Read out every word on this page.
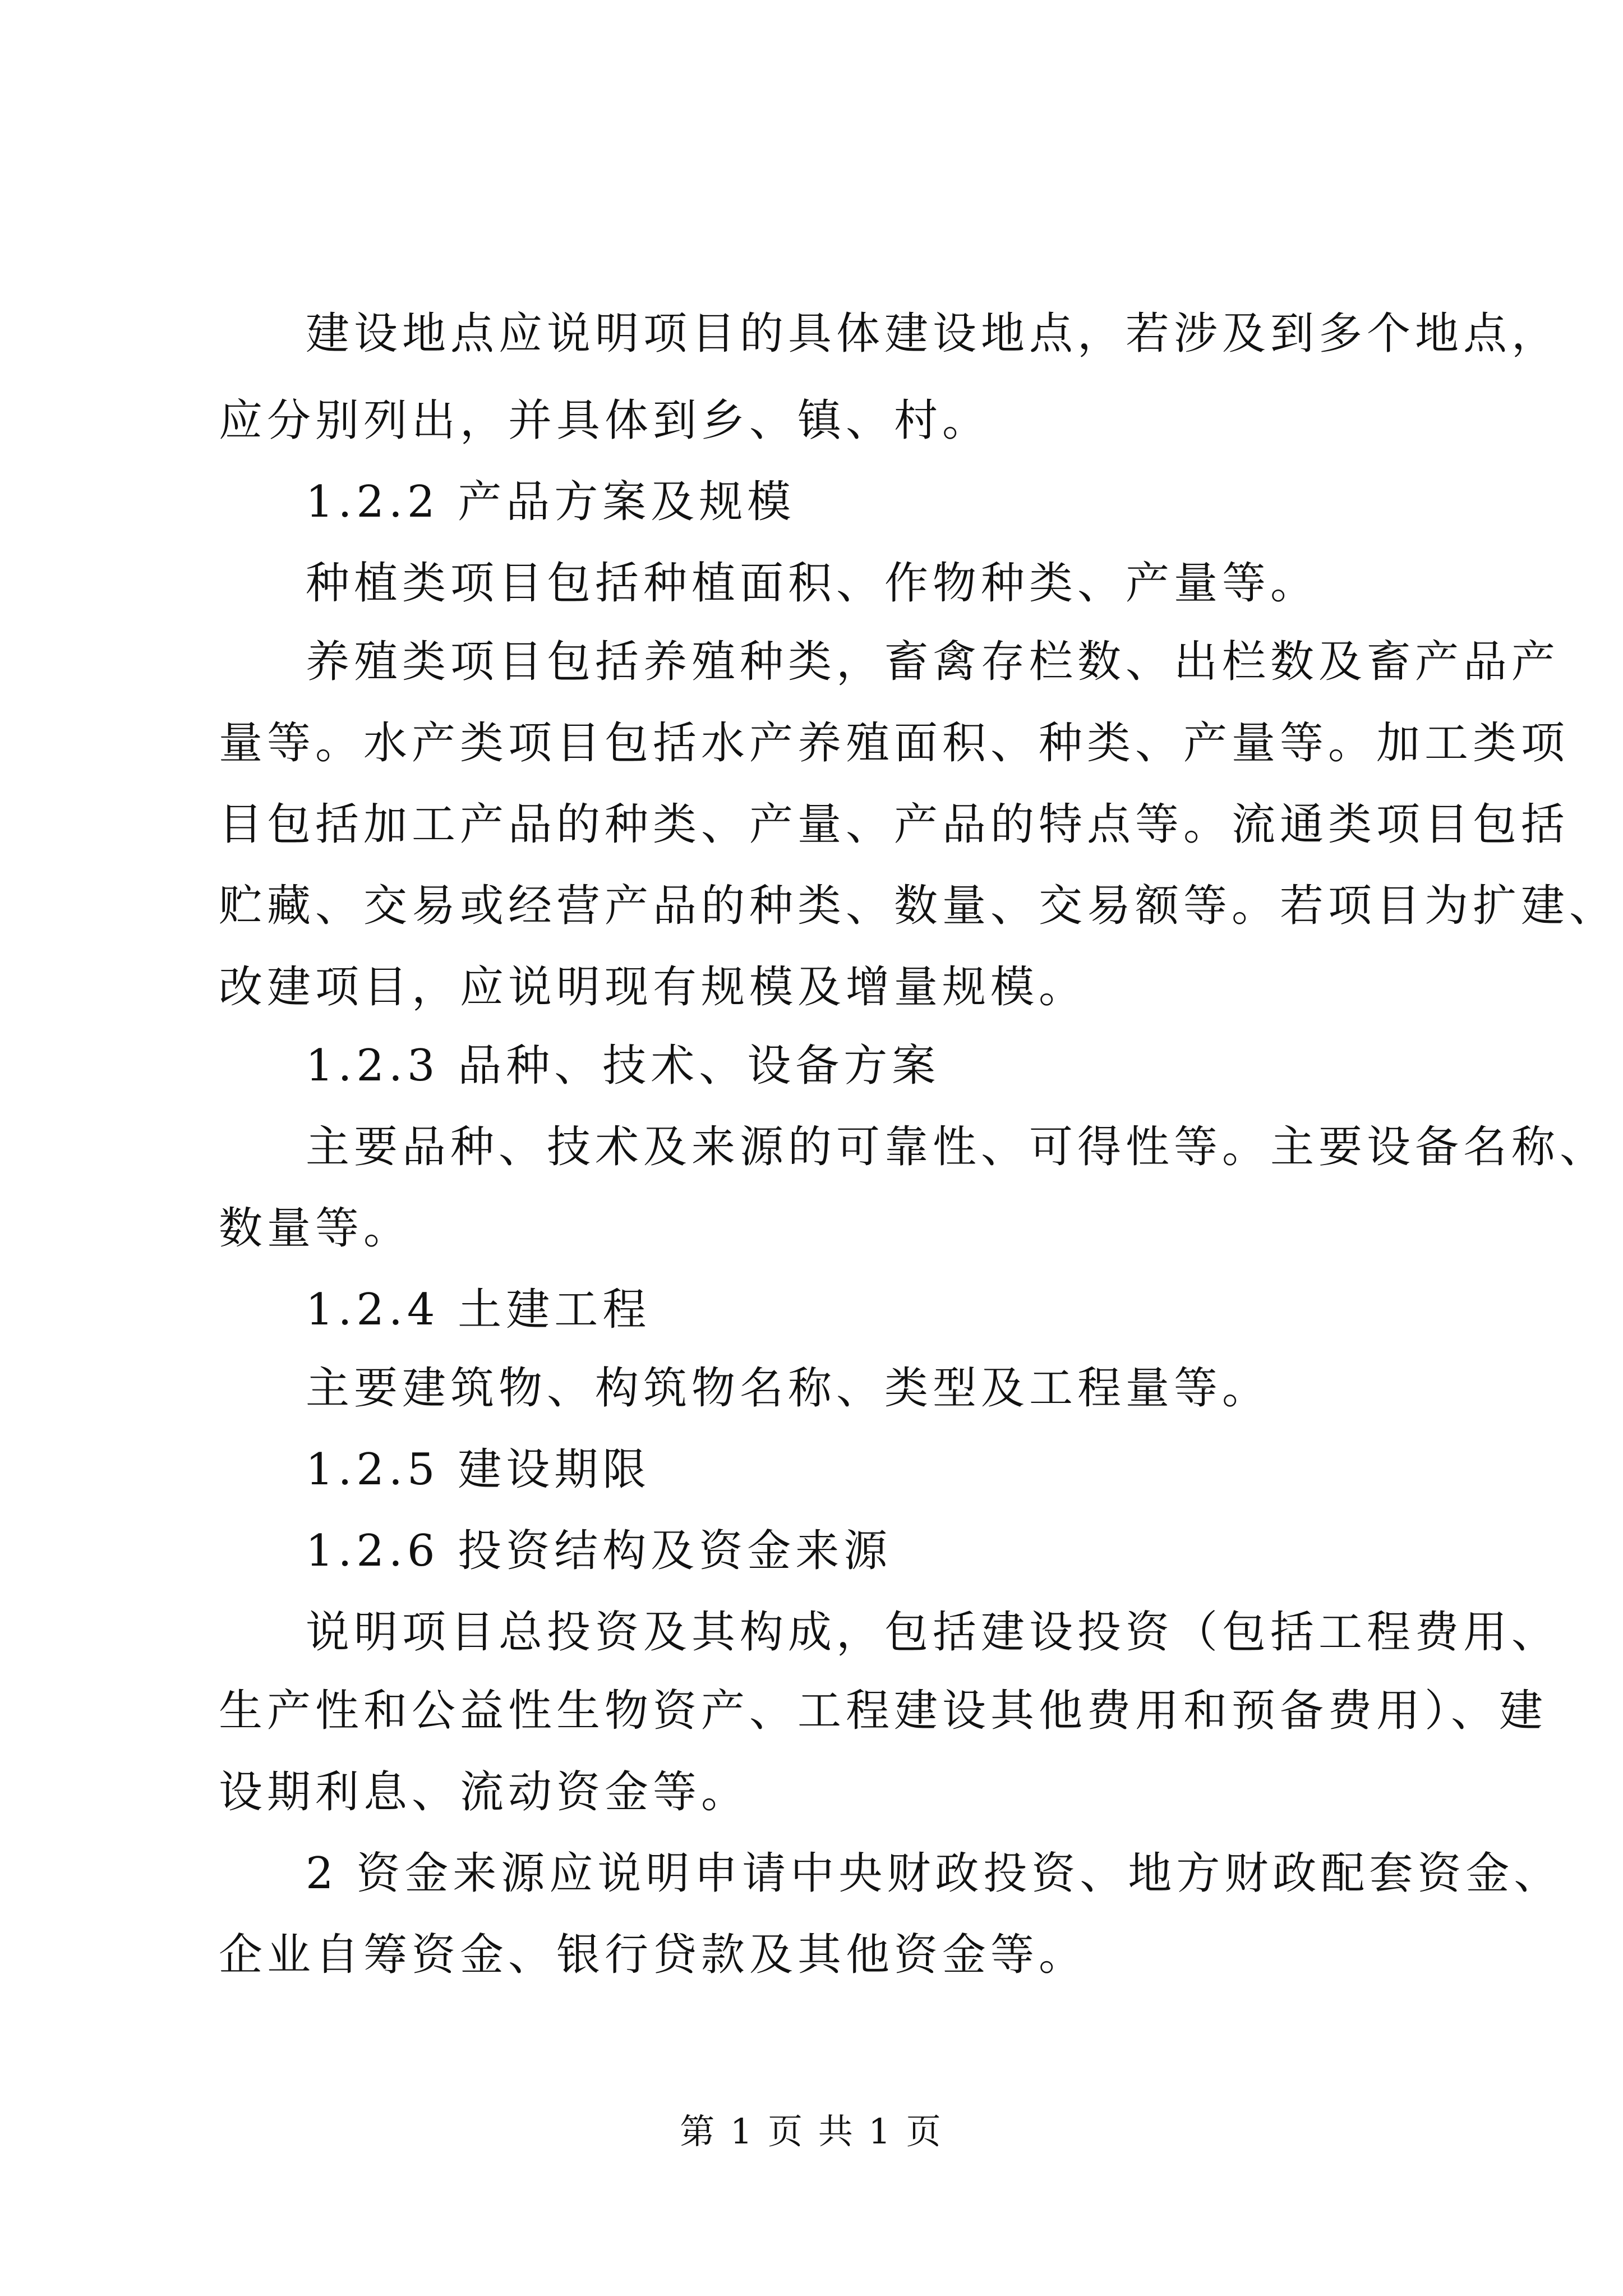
建设地点应说明项目的具体建设地点，若涉及到多个地点，
应分别列出，并具体到乡、镇、村。
1.2.2 产品方案及规模
种植类项目包括种植面积、作物种类、产量等。
养殖类项目包括养殖种类，畜禽存栏数、出栏数及畜产品产
量等。水产类项目包括水产养殖面积、种类、产量等。加工类项
目包括加工产品的种类、产量、产品的特点等。流通类项目包括
贮藏、交易或经营产品的种类、数量、交易额等。若项目为扩建、
改建项目，应说明现有规模及增量规模。
1.2.3 品种、技术、设备方案
主要品种、技术及来源的可靠性、可得性等。主要设备名称、
数量等。
1.2.4 土建工程
主要建筑物、构筑物名称、类型及工程量等。
1.2.5 建设期限
1.2.6 投资结构及资金来源
说明项目总投资及其构成，包括建设投资（包括工程费用、
生产性和公益性生物资产、工程建设其他费用和预备费用）、建
设期利息、流动资金等。
2 资金来源应说明申请中央财政投资、地方财政配套资金、
企业自筹资金、银行贷款及其他资金等。
第 1 页 共 1 页
